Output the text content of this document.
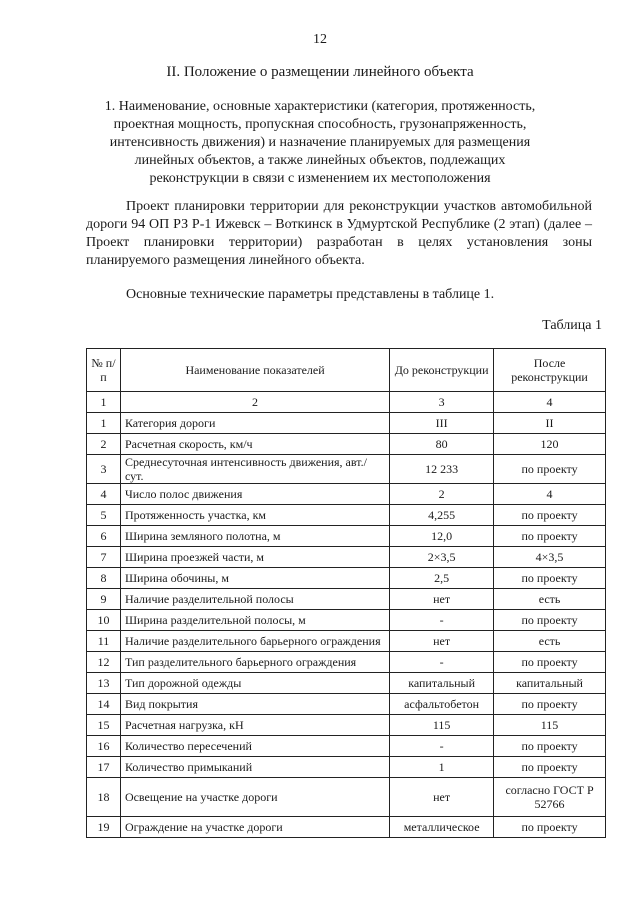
12
II. Положение о размещении линейного объекта
1. Наименование, основные характеристики (категория, протяженность, проектная мощность, пропускная способность, грузонапряженность, интенсивность движения) и назначение планируемых для размещения линейных объектов, а также линейных объектов, подлежащих реконструкции в связи с изменением их местоположения
Проект планировки территории для реконструкции участков автомобильной дороги 94 ОП РЗ Р-1 Ижевск – Воткинск в Удмуртской Республике (2 этап) (далее – Проект планировки территории) разработан в целях установления зоны планируемого размещения линейного объекта.
Основные технические параметры представлены в таблице 1.
Таблица 1
№ п/п	Наименование показателей	До реконструкции	После реконструкции
1	2	3	4
1	Категория дороги	III	II
2	Расчетная скорость, км/ч	80	120
3	Среднесуточная интенсивность движения, авт./сут.	12 233	по проекту
4	Число полос движения	2	4
5	Протяженность участка, км	4,255	по проекту
6	Ширина земляного полотна, м	12,0	по проекту
7	Ширина проезжей части, м	2×3,5	4×3,5
8	Ширина обочины, м	2,5	по проекту
9	Наличие разделительной полосы	нет	есть
10	Ширина разделительной полосы, м	-	по проекту
11	Наличие разделительного барьерного ограждения	нет	есть
12	Тип разделительного барьерного ограждения	-	по проекту
13	Тип дорожной одежды	капитальный	капитальный
14	Вид покрытия	асфальтобетон	по проекту
15	Расчетная нагрузка, кН	115	115
16	Количество пересечений	-	по проекту
17	Количество примыканий	1	по проекту
18	Освещение на участке дороги	нет	согласно ГОСТ Р 52766
19	Ограждение на участке дороги	металлическое	по проекту
